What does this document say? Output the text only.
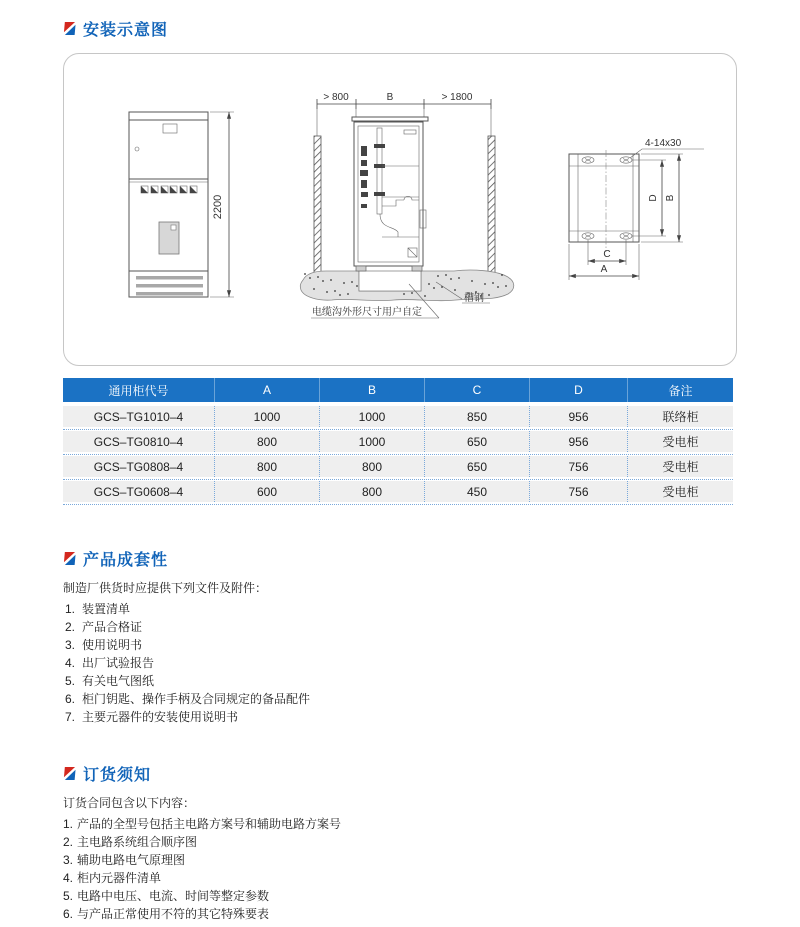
安装示意图
2200
> 800	B	> 1800
槽钢
电缆沟外形尺寸用户自定
4-14x30
D B
C
A
通用柜代号	A	B	C	D	备注
GCS–TG1010–4	1000	1000	850	956	联络柜
GCS–TG0810–4	800	1000	650	956	受电柜
GCS–TG0808–4	800	800	650	756	受电柜
GCS–TG0608–4	600	800	450	756	受电柜
产品成套性
制造厂供货时应提供下列文件及附件：
1. 装置清单
2. 产品合格证
3. 使用说明书
4. 出厂试验报告
5. 有关电气图纸
6. 柜门钥匙、操作手柄及合同规定的备品配件
7. 主要元器件的安装使用说明书
订货须知
订货合同包含以下内容：
1. 产品的全型号包括主电路方案号和辅助电路方案号
2. 主电路系统组合顺序图
3. 辅助电路电气原理图
4. 柜内元器件清单
5. 电路中电压、电流、时间等整定参数
6. 与产品正常使用不符的其它特殊要表
